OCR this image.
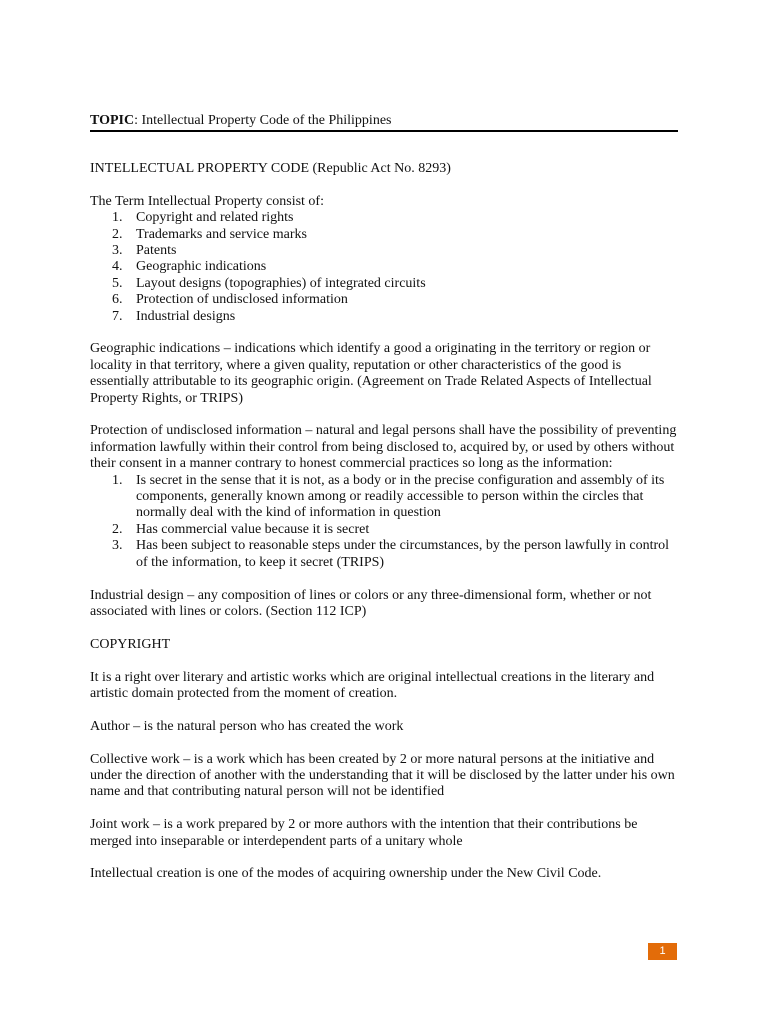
TOPIC: Intellectual Property Code of the Philippines

INTELLECTUAL PROPERTY CODE (Republic Act No. 8293)

The Term Intellectual Property consist of:
1. Copyright and related rights
2. Trademarks and service marks
3. Patents
4. Geographic indications
5. Layout designs (topographies) of integrated circuits
6. Protection of undisclosed information
7. Industrial designs

Geographic indications – indications which identify a good a originating in the territory or region or locality in that territory, where a given quality, reputation or other characteristics of the good is essentially attributable to its geographic origin. (Agreement on Trade Related Aspects of Intellectual Property Rights, or TRIPS)

Protection of undisclosed information – natural and legal persons shall have the possibility of preventing information lawfully within their control from being disclosed to, acquired by, or used by others without their consent in a manner contrary to honest commercial practices so long as the information:
1. Is secret in the sense that it is not, as a body or in the precise configuration and assembly of its components, generally known among or readily accessible to person within the circles that normally deal with the kind of information in question
2. Has commercial value because it is secret
3. Has been subject to reasonable steps under the circumstances, by the person lawfully in control of the information, to keep it secret (TRIPS)

Industrial design – any composition of lines or colors or any three-dimensional form, whether or not associated with lines or colors. (Section 112 ICP)

COPYRIGHT

It is a right over literary and artistic works which are original intellectual creations in the literary and artistic domain protected from the moment of creation.

Author – is the natural person who has created the work

Collective work – is a work which has been created by 2 or more natural persons at the initiative and under the direction of another with the understanding that it will be disclosed by the latter under his own name and that contributing natural person will not be identified

Joint work – is a work prepared by 2 or more authors with the intention that their contributions be merged into inseparable or interdependent parts of a unitary whole

Intellectual creation is one of the modes of acquiring ownership under the New Civil Code.

1
